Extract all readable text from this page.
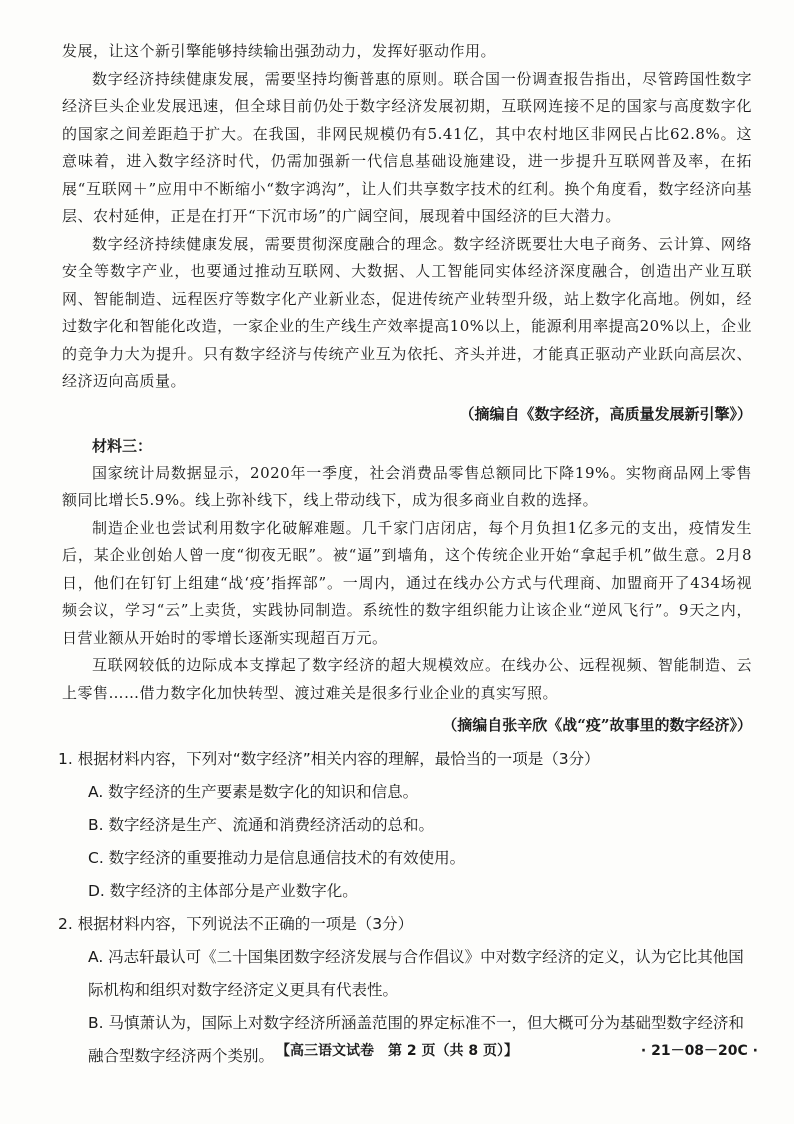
发展，让这个新引擎能够持续输出强劲动力，发挥好驱动作用。

数字经济持续健康发展，需要坚持均衡普惠的原则。联合国一份调查报告指出，尽管跨国性数字经济巨头企业发展迅速，但全球目前仍处于数字经济发展初期，互联网连接不足的国家与高度数字化的国家之间差距趋于扩大。在我国，非网民规模仍有5.41亿，其中农村地区非网民占比62.8%。这意味着，进入数字经济时代，仍需加强新一代信息基础设施建设，进一步提升互联网普及率，在拓展“互联网＋”应用中不断缩小“数字鸿沟”，让人们共享数字技术的红利。换个角度看，数字经济向基层、农村延伸，正是在打开“下沉市场”的广阔空间，展现着中国经济的巨大潜力。

数字经济持续健康发展，需要贯彻深度融合的理念。数字经济既要壮大电子商务、云计算、网络安全等数字产业，也要通过推动互联网、大数据、人工智能同实体经济深度融合，创造出产业互联网、智能制造、远程医疗等数字化产业新业态，促进传统产业转型升级，站上数字化高地。例如，经过数字化和智能化改造，一家企业的生产线生产效率提高10%以上，能源利用率提高20%以上，企业的竞争力大为提升。只有数字经济与传统产业互为依托、齐头并进，才能真正驱动产业跃向高层次、经济迈向高质量。

（摘编自《数字经济，高质量发展新引擎》）

材料三：

国家统计局数据显示，2020年一季度，社会消费品零售总额同比下降19%。实物商品网上零售额同比增长5.9%。线上弥补线下，线上带动线下，成为很多商业自救的选择。

制造企业也尝试利用数字化破解难题。几千家门店闭店，每个月负担1亿多元的支出，疫情发生后，某企业创始人曾一度“彻夜无眠”。被“逼”到墙角，这个传统企业开始“拿起手机”做生意。2月8日，他们在钉钉上组建“战‘疫’指挥部”。一周内，通过在线办公方式与代理商、加盟商开了434场视频会议，学习“云”上卖货，实践协同制造。系统性的数字组织能力让该企业“逆风飞行”。9天之内，日营业额从开始时的零增长逐渐实现超百万元。

互联网较低的边际成本支撑起了数字经济的超大规模效应。在线办公、远程视频、智能制造、云上零售……借力数字化加快转型、渡过难关是很多行业企业的真实写照。

（摘编自张辛欣《战“疫”故事里的数字经济》）

1. 根据材料内容，下列对“数字经济”相关内容的理解，最恰当的一项是（3分）

A. 数字经济的生产要素是数字化的知识和信息。

B. 数字经济是生产、流通和消费经济活动的总和。

C. 数字经济的重要推动力是信息通信技术的有效使用。

D. 数字经济的主体部分是产业数字化。

2. 根据材料内容，下列说法不正确的一项是（3分）

A. 冯志轩最认可《二十国集团数字经济发展与合作倡议》中对数字经济的定义，认为它比其他国际机构和组织对数字经济定义更具有代表性。

B. 马慎萧认为，国际上对数字经济所涵盖范围的界定标准不一，但大概可分为基础型数字经济和融合型数字经济两个类别。 【高三语文试卷　第 2 页（共 8 页）】	· 21－08－20C ·
